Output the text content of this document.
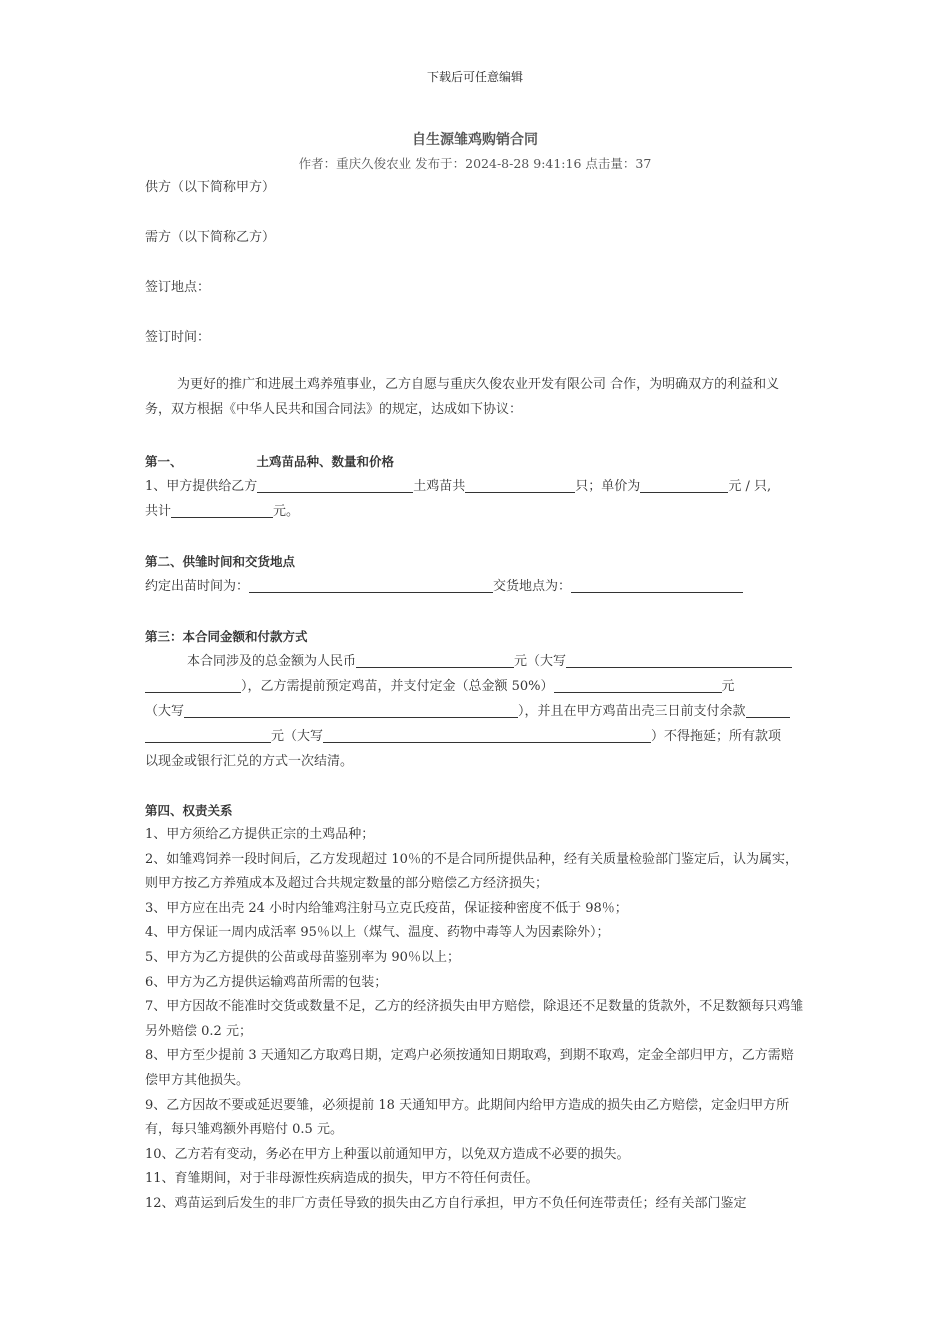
下载后可任意编辑
自生源雏鸡购销合同
作者：重庆久俊农业 发布于：2024-8-28 9:41:16 点击量：37
供方（以下简称甲方）
需方（以下简称乙方）
签订地点：
签订时间：
为更好的推广和进展土鸡养殖事业，乙方自愿与重庆久俊农业开发有限公司 合作，为明确双方的利益和义务，双方根据《中华人民共和国合同法》的规定，达成如下协议：
第一、	土鸡苗品种、数量和价格
1、甲方提供给乙方	土鸡苗共	只；单价为	元 / 只,
共计	元。
第二、供雏时间和交货地点
约定出苗时间为：	交货地点为：
第三：本合同金额和付款方式
本合同涉及的总金额为人民币	元（大写
），乙方需提前预定鸡苗，并支付定金（总金额 50%）	元
（大写	），并且在甲方鸡苗出壳三日前支付余款
元（大写	）不得拖延；所有款项
以现金或银行汇兑的方式一次结清。
第四、权责关系
1、甲方须给乙方提供正宗的土鸡品种；
2、如雏鸡饲养一段时间后，乙方发现超过 10％的不是合同所提供品种，经有关质量检验部门鉴定后，认为属实，则甲方按乙方养殖成本及超过合共规定数量的部分赔偿乙方经济损失；
3、甲方应在出壳 24 小时内给雏鸡注射马立克氏疫苗，保证接种密度不低于 98％；
4、甲方保证一周内成活率 95％以上（煤气、温度、药物中毒等人为因素除外）；
5、甲方为乙方提供的公苗或母苗鉴别率为 90％以上；
6、甲方为乙方提供运输鸡苗所需的包装；
7、甲方因故不能准时交货或数量不足，乙方的经济损失由甲方赔偿，除退还不足数量的货款外，不足数额每只鸡雏另外赔偿 0.2 元；
8、甲方至少提前 3 天通知乙方取鸡日期，定鸡户必须按通知日期取鸡，到期不取鸡，定金全部归甲方，乙方需赔偿甲方其他损失。
9、乙方因故不要或延迟要雏，必须提前 18 天通知甲方。此期间内给甲方造成的损失由乙方赔偿，定金归甲方所有，每只雏鸡额外再赔付 0.5 元。
10、乙方若有变动，务必在甲方上种蛋以前通知甲方，以免双方造成不必要的损失。
11、育雏期间，对于非母源性疾病造成的损失，甲方不符任何责任。
12、鸡苗运到后发生的非厂方责任导致的损失由乙方自行承担，甲方不负任何连带责任；经有关部门鉴定
